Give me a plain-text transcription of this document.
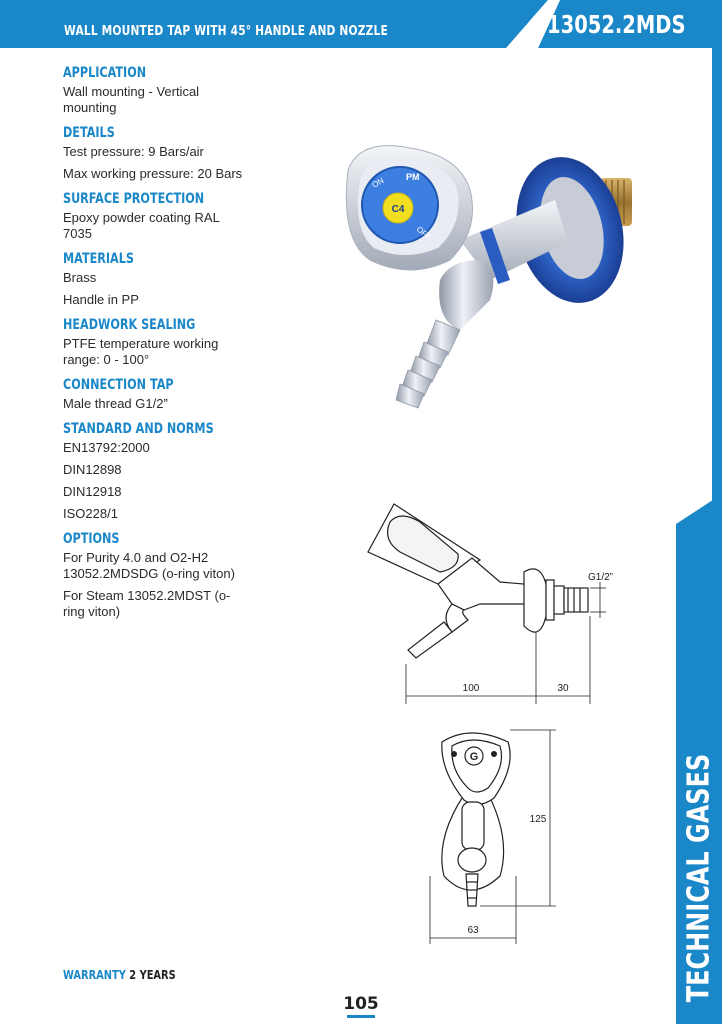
WALL MOUNTED TAP WITH 45° HANDLE AND NOZZLE	13052.2MDS
TECHNICAL GASES
APPLICATION

Wall mounting - Vertical mounting

DETAILS

Test pressure: 9 Bars/air

Max working pressure: 20 Bars

SURFACE PROTECTION

Epoxy powder coating RAL 7035

MATERIALS

Brass

Handle in PP

HEADWORK SEALING

PTFE temperature working range: 0 - 100°

CONNECTION TAP

Male thread G1/2”

STANDARD AND NORMS

EN13792:2000

DIN12898

DIN12918

ISO228/1

OPTIONS

For Purity 4.0 and O2-H2 13052.2MDSDG (o-ring viton)

For Steam 13052.2MDST (o-ring viton)

C4
ON
OFF
PM
100	30
G1/2”
G
125
63
WARRANTY 2 YEARS
105
